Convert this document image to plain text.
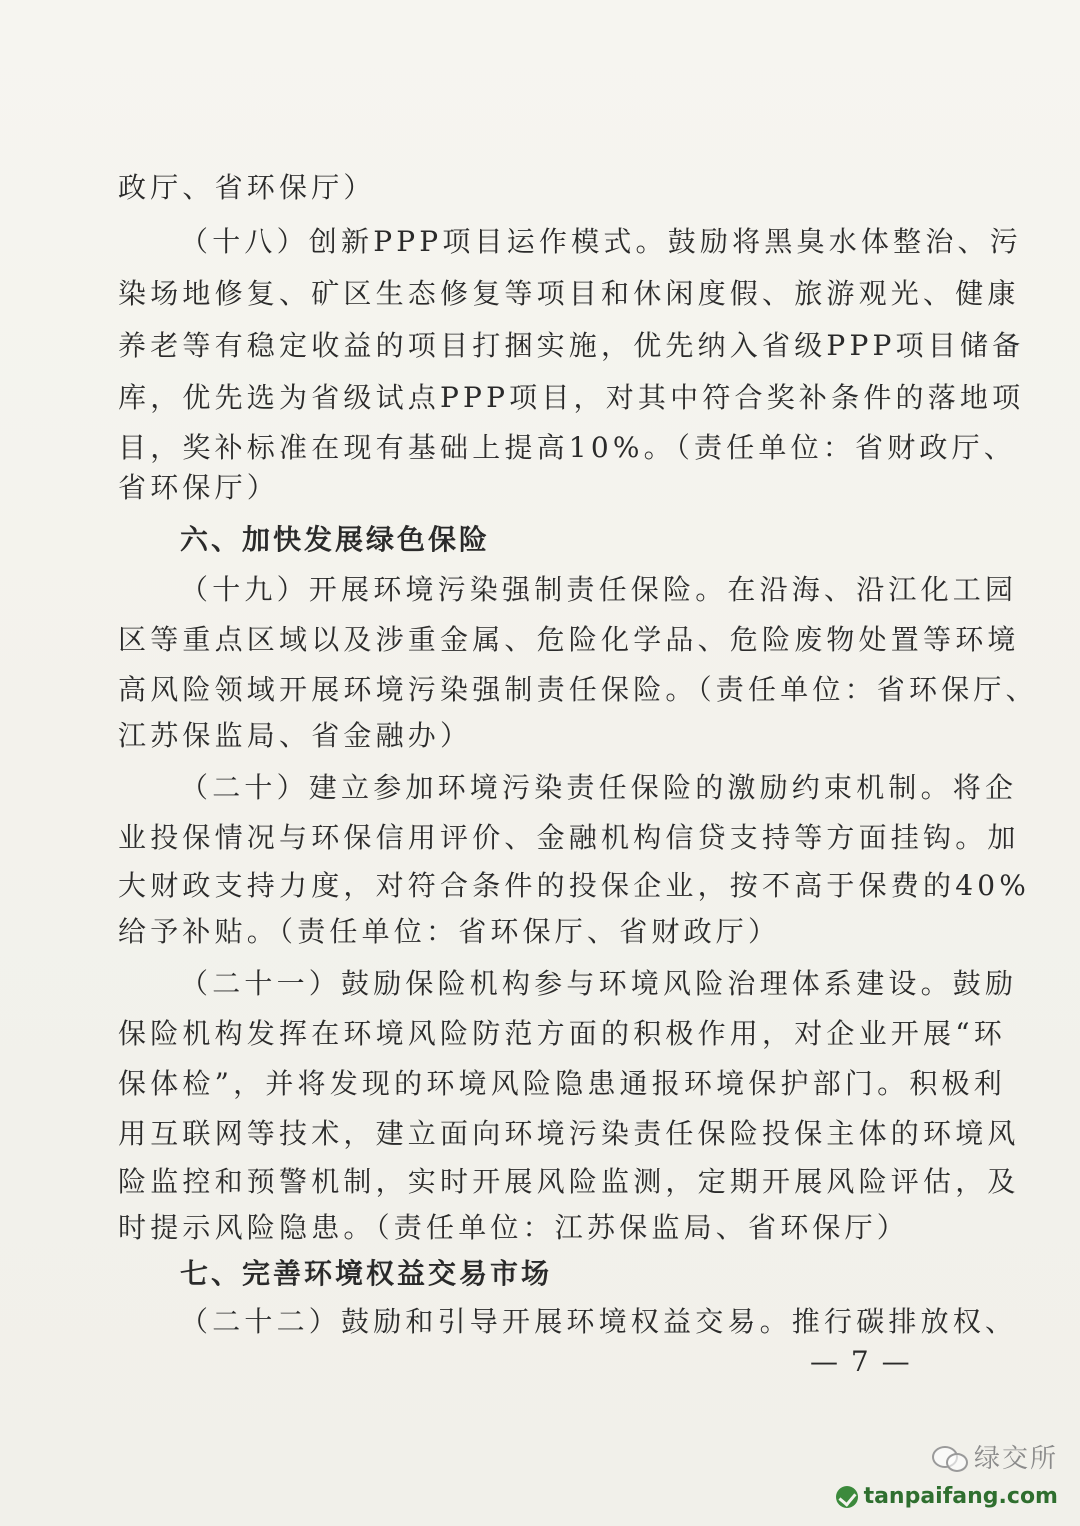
政厅、省环保厅）
（十八）创新PPP项目运作模式。鼓励将黑臭水体整治、污
染场地修复、矿区生态修复等项目和休闲度假、旅游观光、健康
养老等有稳定收益的项目打捆实施，优先纳入省级PPP项目储备
库，优先选为省级试点PPP项目，对其中符合奖补条件的落地项
目，奖补标准在现有基础上提高10%。（责任单位：省财政厅、
省环保厅）
六、加快发展绿色保险
（十九）开展环境污染强制责任保险。在沿海、沿江化工园
区等重点区域以及涉重金属、危险化学品、危险废物处置等环境
高风险领域开展环境污染强制责任保险。（责任单位：省环保厅、
江苏保监局、省金融办）
（二十）建立参加环境污染责任保险的激励约束机制。将企
业投保情况与环保信用评价、金融机构信贷支持等方面挂钩。加
大财政支持力度，对符合条件的投保企业，按不高于保费的40%
给予补贴。（责任单位：省环保厅、省财政厅）
（二十一）鼓励保险机构参与环境风险治理体系建设。鼓励
保险机构发挥在环境风险防范方面的积极作用，对企业开展“环
保体检”，并将发现的环境风险隐患通报环境保护部门。积极利
用互联网等技术，建立面向环境污染责任保险投保主体的环境风
险监控和预警机制，实时开展风险监测，定期开展风险评估，及
时提示风险隐患。（责任单位：江苏保监局、省环保厅）
七、完善环境权益交易市场
（二十二）鼓励和引导开展环境权益交易。推行碳排放权、
— 7 —
绿交所
tanpaifang.com
